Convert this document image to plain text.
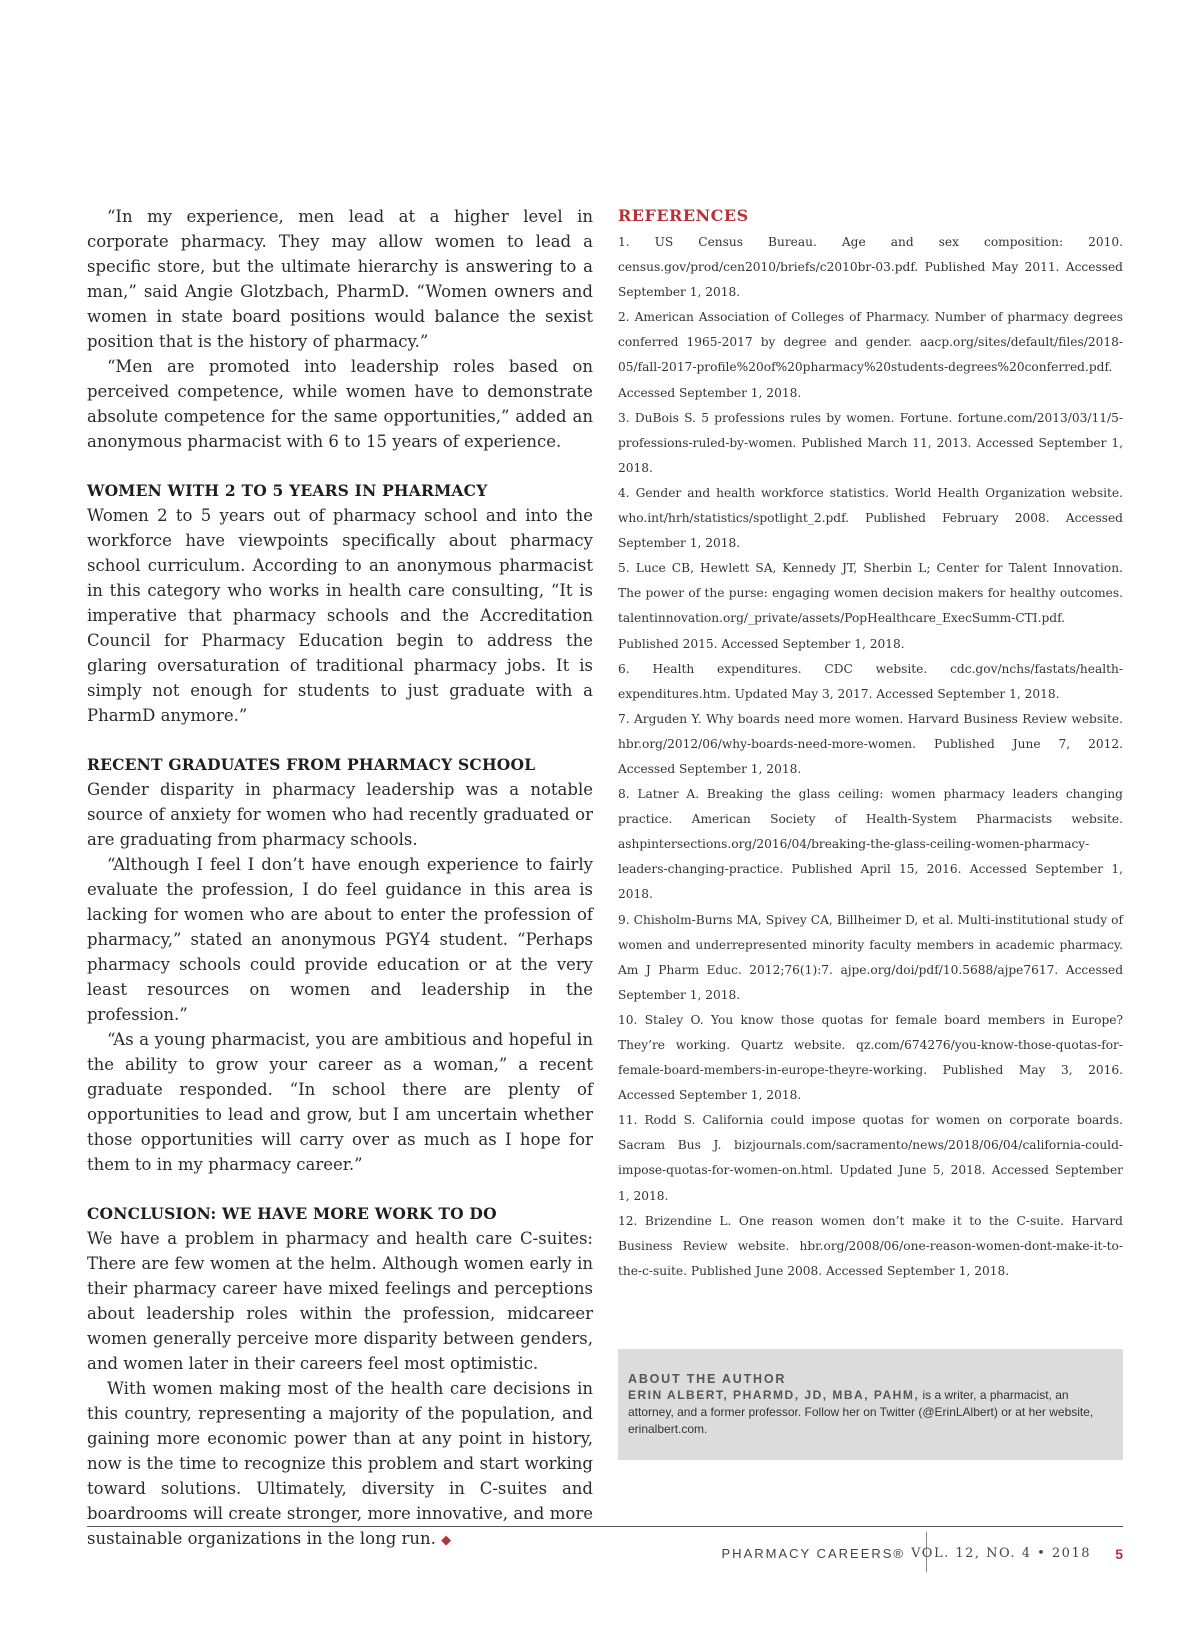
“In my experience, men lead at a higher level in corporate pharmacy. They may allow women to lead a specific store, but the ultimate hierarchy is answering to a man,” said Angie Glotzbach, PharmD. “Women owners and women in state board positions would balance the sexist position that is the history of pharmacy.”

“Men are promoted into leadership roles based on perceived competence, while women have to demonstrate absolute competence for the same opportunities,” added an anonymous pharmacist with 6 to 15 years of experience.

WOMEN WITH 2 TO 5 YEARS IN PHARMACY

Women 2 to 5 years out of pharmacy school and into the workforce have viewpoints specifically about pharmacy school curriculum. According to an anonymous pharmacist in this category who works in health care consulting, “It is imperative that pharmacy schools and the Accreditation Council for Pharmacy Education begin to address the glaring oversaturation of traditional pharmacy jobs. It is simply not enough for students to just graduate with a PharmD anymore.”

RECENT GRADUATES FROM PHARMACY SCHOOL

Gender disparity in pharmacy leadership was a notable source of anxiety for women who had recently graduated or are graduating from pharmacy schools.

“Although I feel I don’t have enough experience to fairly evaluate the profession, I do feel guidance in this area is lacking for women who are about to enter the profession of pharmacy,” stated an anonymous PGY4 student. “Perhaps pharmacy schools could provide education or at the very least resources on women and leadership in the profession.”

“As a young pharmacist, you are ambitious and hopeful in the ability to grow your career as a woman,” a recent graduate responded. “In school there are plenty of opportunities to lead and grow, but I am uncertain whether those opportunities will carry over as much as I hope for them to in my pharmacy career.”

CONCLUSION: WE HAVE MORE WORK TO DO

We have a problem in pharmacy and health care C-suites: There are few women at the helm. Although women early in their pharmacy career have mixed feelings and perceptions about leadership roles within the profession, midcareer women generally perceive more disparity between genders, and women later in their careers feel most optimistic.

With women making most of the health care decisions in this country, representing a majority of the population, and gaining more economic power than at any point in history, now is the time to recognize this problem and start working toward solutions. Ultimately, diversity in C-suites and boardrooms will create stronger, more innovative, and more sustainable organizations in the long run. ◆

REFERENCES
1. US Census Bureau. Age and sex composition: 2010. census.gov/prod/cen2010/briefs/c2010br-03.pdf. Published May 2011. Accessed September 1, 2018.
2. American Association of Colleges of Pharmacy. Number of pharmacy degrees conferred 1965-2017 by degree and gender. aacp.org/sites/default/files/2018-05/fall-2017-profile%20of%20pharmacy%20students-degrees%20conferred.pdf. Accessed September 1, 2018.
3. DuBois S. 5 professions rules by women. Fortune. fortune.com/2013/03/11/5-professions-ruled-by-women. Published March 11, 2013. Accessed September 1, 2018.
4. Gender and health workforce statistics. World Health Organization website. who.int/hrh/statistics/spotlight_2.pdf. Published February 2008. Accessed September 1, 2018.
5. Luce CB, Hewlett SA, Kennedy JT, Sherbin L; Center for Talent Innovation. The power of the purse: engaging women decision makers for healthy outcomes. talentinnovation.org/_private/assets/PopHealthcare_ExecSumm-CTI.pdf. Published 2015. Accessed September 1, 2018.
6. Health expenditures. CDC website. cdc.gov/nchs/fastats/health-expenditures.htm. Updated May 3, 2017. Accessed September 1, 2018.
7. Arguden Y. Why boards need more women. Harvard Business Review website. hbr.org/2012/06/why-boards-need-more-women. Published June 7, 2012. Accessed September 1, 2018.
8. Latner A. Breaking the glass ceiling: women pharmacy leaders changing practice. American Society of Health-System Pharmacists website. ashpintersections.org/2016/04/breaking-the-glass-ceiling-women-pharmacy-leaders-changing-practice. Published April 15, 2016. Accessed September 1, 2018.
9. Chisholm-Burns MA, Spivey CA, Billheimer D, et al. Multi-institutional study of women and underrepresented minority faculty members in academic pharmacy. Am J Pharm Educ. 2012;76(1):7. ajpe.org/doi/pdf/10.5688/ajpe7617. Accessed September 1, 2018.
10. Staley O. You know those quotas for female board members in Europe? They’re working. Quartz website. qz.com/674276/you-know-those-quotas-for-female-board-members-in-europe-theyre-working. Published May 3, 2016. Accessed September 1, 2018.
11. Rodd S. California could impose quotas for women on corporate boards. Sacram Bus J. bizjournals.com/sacramento/news/2018/06/04/california-could-impose-quotas-for-women-on.html. Updated June 5, 2018. Accessed September 1, 2018.
12. Brizendine L. One reason women don’t make it to the C-suite. Harvard Business Review website. hbr.org/2008/06/one-reason-women-dont-make-it-to-the-c-suite. Published June 2008. Accessed September 1, 2018.
ABOUT THE AUTHOR
ERIN ALBERT, PHARMD, JD, MBA, PAHM, is a writer, a pharmacist, an attorney, and a former professor. Follow her on Twitter (@ErinLAlbert) or at her website, erinalbert.com.
PHARMACY CAREERS® VOL. 12, NO. 4 • 2018 5
